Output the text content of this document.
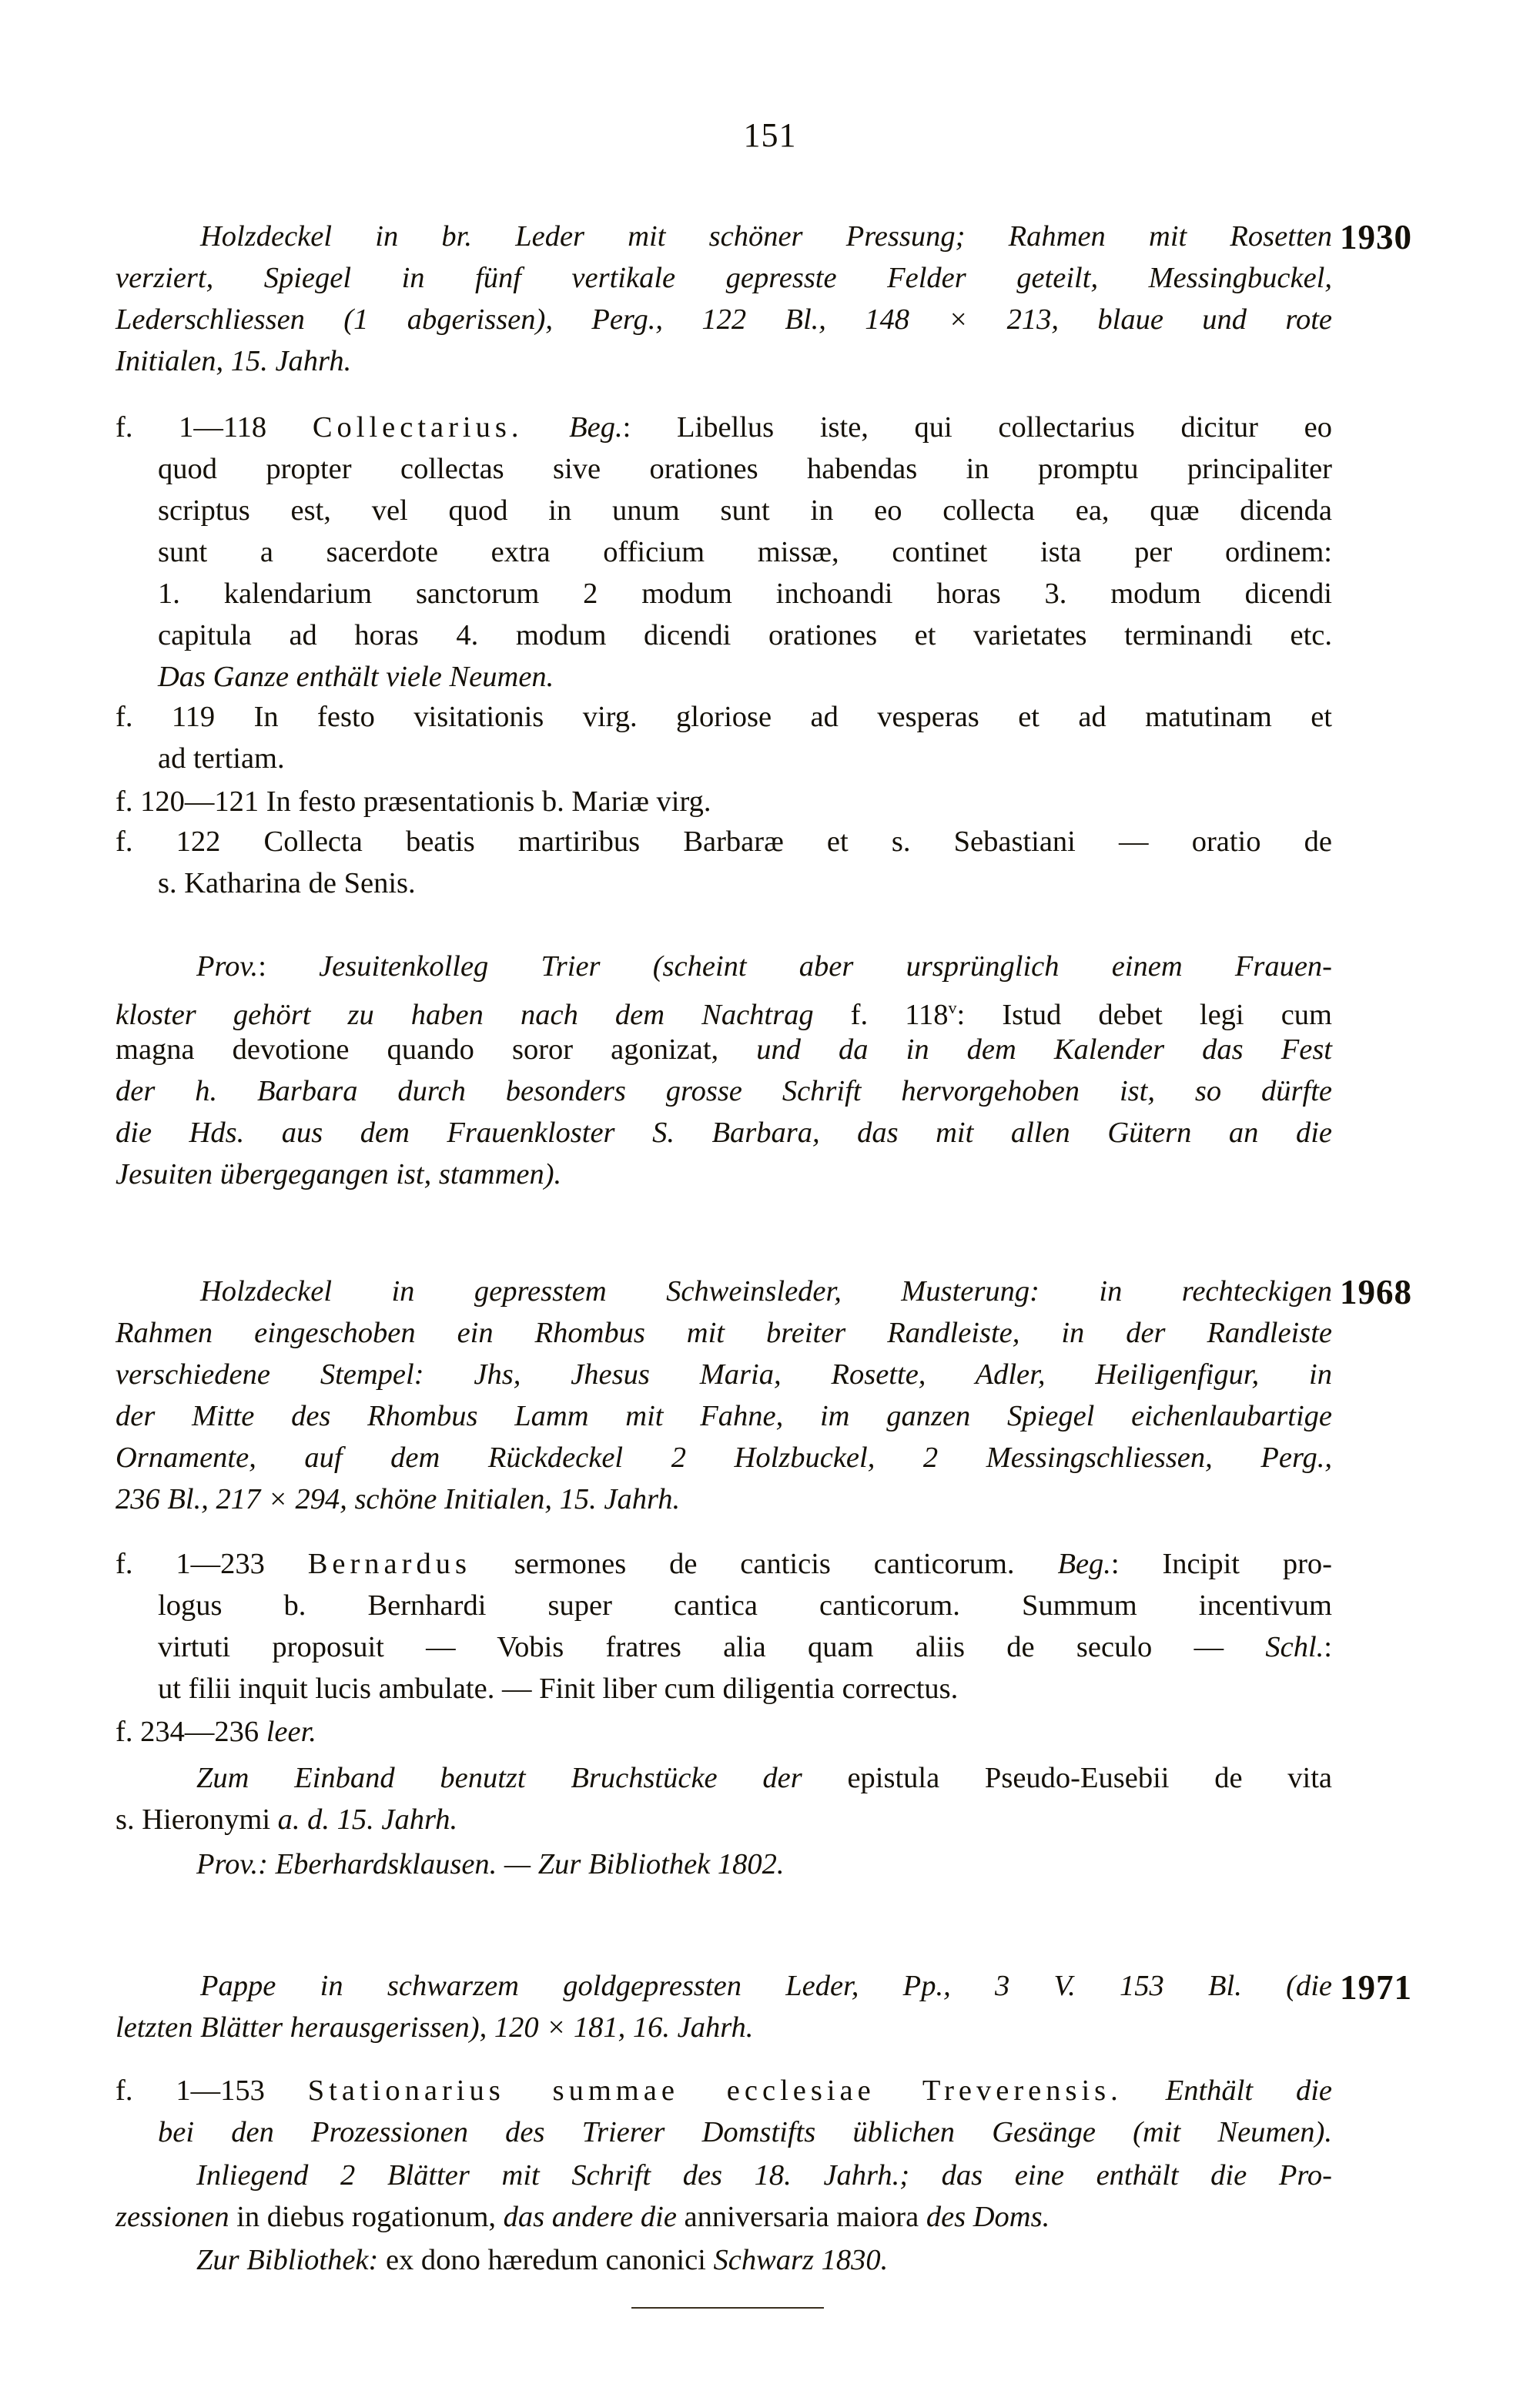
151
1930
Holzdeckel in br. Leder mit schöner Pressung; Rahmen mit Rosetten
verziert, Spiegel in fünf vertikale gepresste Felder geteilt, Messingbuckel,
Lederschliessen (1 abgerissen), Perg., 122 Bl., 148 × 213, blaue und rote
Initialen, 15. Jahrh.
f. 1—118 Collectarius. Beg.: Libellus iste, qui collectarius dicitur eo
quod propter collectas sive orationes habendas in promptu principaliter
scriptus est, vel quod in unum sunt in eo collecta ea, quæ dicenda
sunt a sacerdote extra officium missæ, continet ista per ordinem:
1. kalendarium sanctorum 2 modum inchoandi horas 3. modum dicendi
capitula ad horas 4. modum dicendi orationes et varietates terminandi etc.
Das Ganze enthält viele Neumen.
f. 119 In festo visitationis virg. gloriose ad vesperas et ad matutinam et
ad tertiam.
f. 120—121 In festo præsentationis b. Mariæ virg.
f. 122 Collecta beatis martiribus Barbaræ et s. Sebastiani — oratio de
s. Katharina de Senis.
Prov.: Jesuitenkolleg Trier (scheint aber ursprünglich einem Frauen-
kloster gehört zu haben nach dem Nachtrag f. 118$^v$: Istud debet legi cum
magna devotione quando soror agonizat, und da in dem Kalender das Fest
der h. Barbara durch besonders grosse Schrift hervorgehoben ist, so dürfte
die Hds. aus dem Frauenkloster S. Barbara, das mit allen Gütern an die
Jesuiten übergegangen ist, stammen).
1968
Holzdeckel in gepresstem Schweinsleder, Musterung: in rechteckigen
Rahmen eingeschoben ein Rhombus mit breiter Randleiste, in der Randleiste
verschiedene Stempel: Jhs, Jhesus Maria, Rosette, Adler, Heiligenfigur, in
der Mitte des Rhombus Lamm mit Fahne, im ganzen Spiegel eichenlaubartige
Ornamente, auf dem Rückdeckel 2 Holzbuckel, 2 Messingschliessen, Perg.,
236 Bl., 217 × 294, schöne Initialen, 15. Jahrh.
f. 1—233 Bernardus sermones de canticis canticorum. Beg.: Incipit pro-
logus b. Bernhardi super cantica canticorum. Summum incentivum
virtuti proposuit — Vobis fratres alia quam aliis de seculo — Schl.:
ut filii inquit lucis ambulate. — Finit liber cum diligentia correctus.
f. 234—236 leer.
Zum Einband benutzt Bruchstücke der epistula Pseudo-Eusebii de vita
s. Hieronymi a. d. 15. Jahrh.
Prov.: Eberhardsklausen. — Zur Bibliothek 1802.
1971
Pappe in schwarzem goldgepressten Leder, Pp., 3 V. 153 Bl. (die
letzten Blätter herausgerissen), 120 × 181, 16. Jahrh.
f. 1—153 Stationarius summae ecclesiae Treverensis. Enthält die
bei den Prozessionen des Trierer Domstifts üblichen Gesänge (mit Neumen).
Inliegend 2 Blätter mit Schrift des 18. Jahrh.; das eine enthält die Pro-
zessionen in diebus rogationum, das andere die anniversaria maiora des Doms.
Zur Bibliothek: ex dono hæredum canonici Schwarz 1830.
